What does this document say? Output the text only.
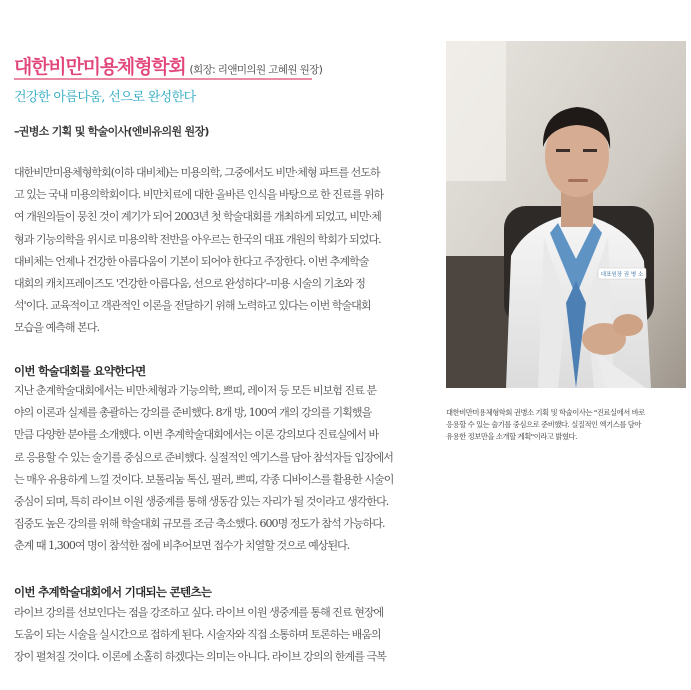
대한비만미용체형학회 (회장: 리앤미의원 고혜원 원장)
건강한 아름다움, 선으로 완성한다
–권병소 기획 및 학술이사(엔비유의원 원장)

대한비만미용체형학회(이하 대비체)는 미용의학, 그중에서도 비만·체형 파트를 선도하

고 있는 국내 미용의학회이다. 비만치료에 대한 올바른 인식을 바탕으로 한 진료를 위하

여 개원의들이 뭉친 것이 계기가 되어 2003년 첫 학술대회를 개최하게 되었고, 비만·체

형과 기능의학을 위시로 미용의학 전반을 아우르는 한국의 대표 개원의 학회가 되었다.

대비체는 언제나 건강한 아름다움이 기본이 되어야 한다고 주장한다. 이번 추계학술

대회의 캐치프레이즈도 '건강한 아름다움, 선으로 완성하다'–미용 시술의 기초와 정

석'이다. 교육적이고 객관적인 이론을 전달하기 위해 노력하고 있다는 이번 학술대회

모습을 예측해 본다.

이번 학술대회를 요약한다면

지난 춘계학술대회에서는 비만·체형과 기능의학, 쁘띠, 레이저 등 모든 비보험 진료 분

야의 이론과 실제를 총괄하는 강의를 준비했다. 8개 방, 100여 개의 강의를 기획했을

만큼 다양한 분야를 소개했다. 이번 추계학술대회에서는 이론 강의보다 진료실에서 바

로 응용할 수 있는 술기를 중심으로 준비했다. 실절적인 엑기스를 담아 참석자들 입장에서

는 매우 유용하게 느낄 것이다. 보톨리눔 톡신, 필러, 쁘띠, 각종 디바이스를 활용한 시술이

중심이 되며, 특히 라이브 이원 생중계를 통해 생동감 있는 자리가 될 것이라고 생각한다.

집중도 높은 강의를 위해 학술대회 규모를 조금 축소했다. 600명 정도가 참석 가능하다.

춘계 때 1,300여 명이 참석한 점에 비추어보면 접수가 치열할 것으로 예상된다.

이번 추계학술대회에서 기대되는 콘텐츠는

라이브 강의를 선보인다는 점을 강조하고 싶다. 라이브 이원 생중계를 통해 진료 현장에

도움이 되는 시술을 실시간으로 접하게 된다. 시술자와 직접 소통하며 토론하는 배움의

장이 펼쳐질 것이다. 이론에 소홀히 하겠다는 의미는 아니다. 라이브 강의의 한계를 극복

대표원장 권 병 소

대한비만미용체형학회 권병소 기획 및 학술이사는 "진료실에서 바로

응용할 수 있는 술기를 중심으로 준비했다. 실질적인 엑기스를 담아

유용한 정보만을 소개할 계획"이라고 밝혔다.
